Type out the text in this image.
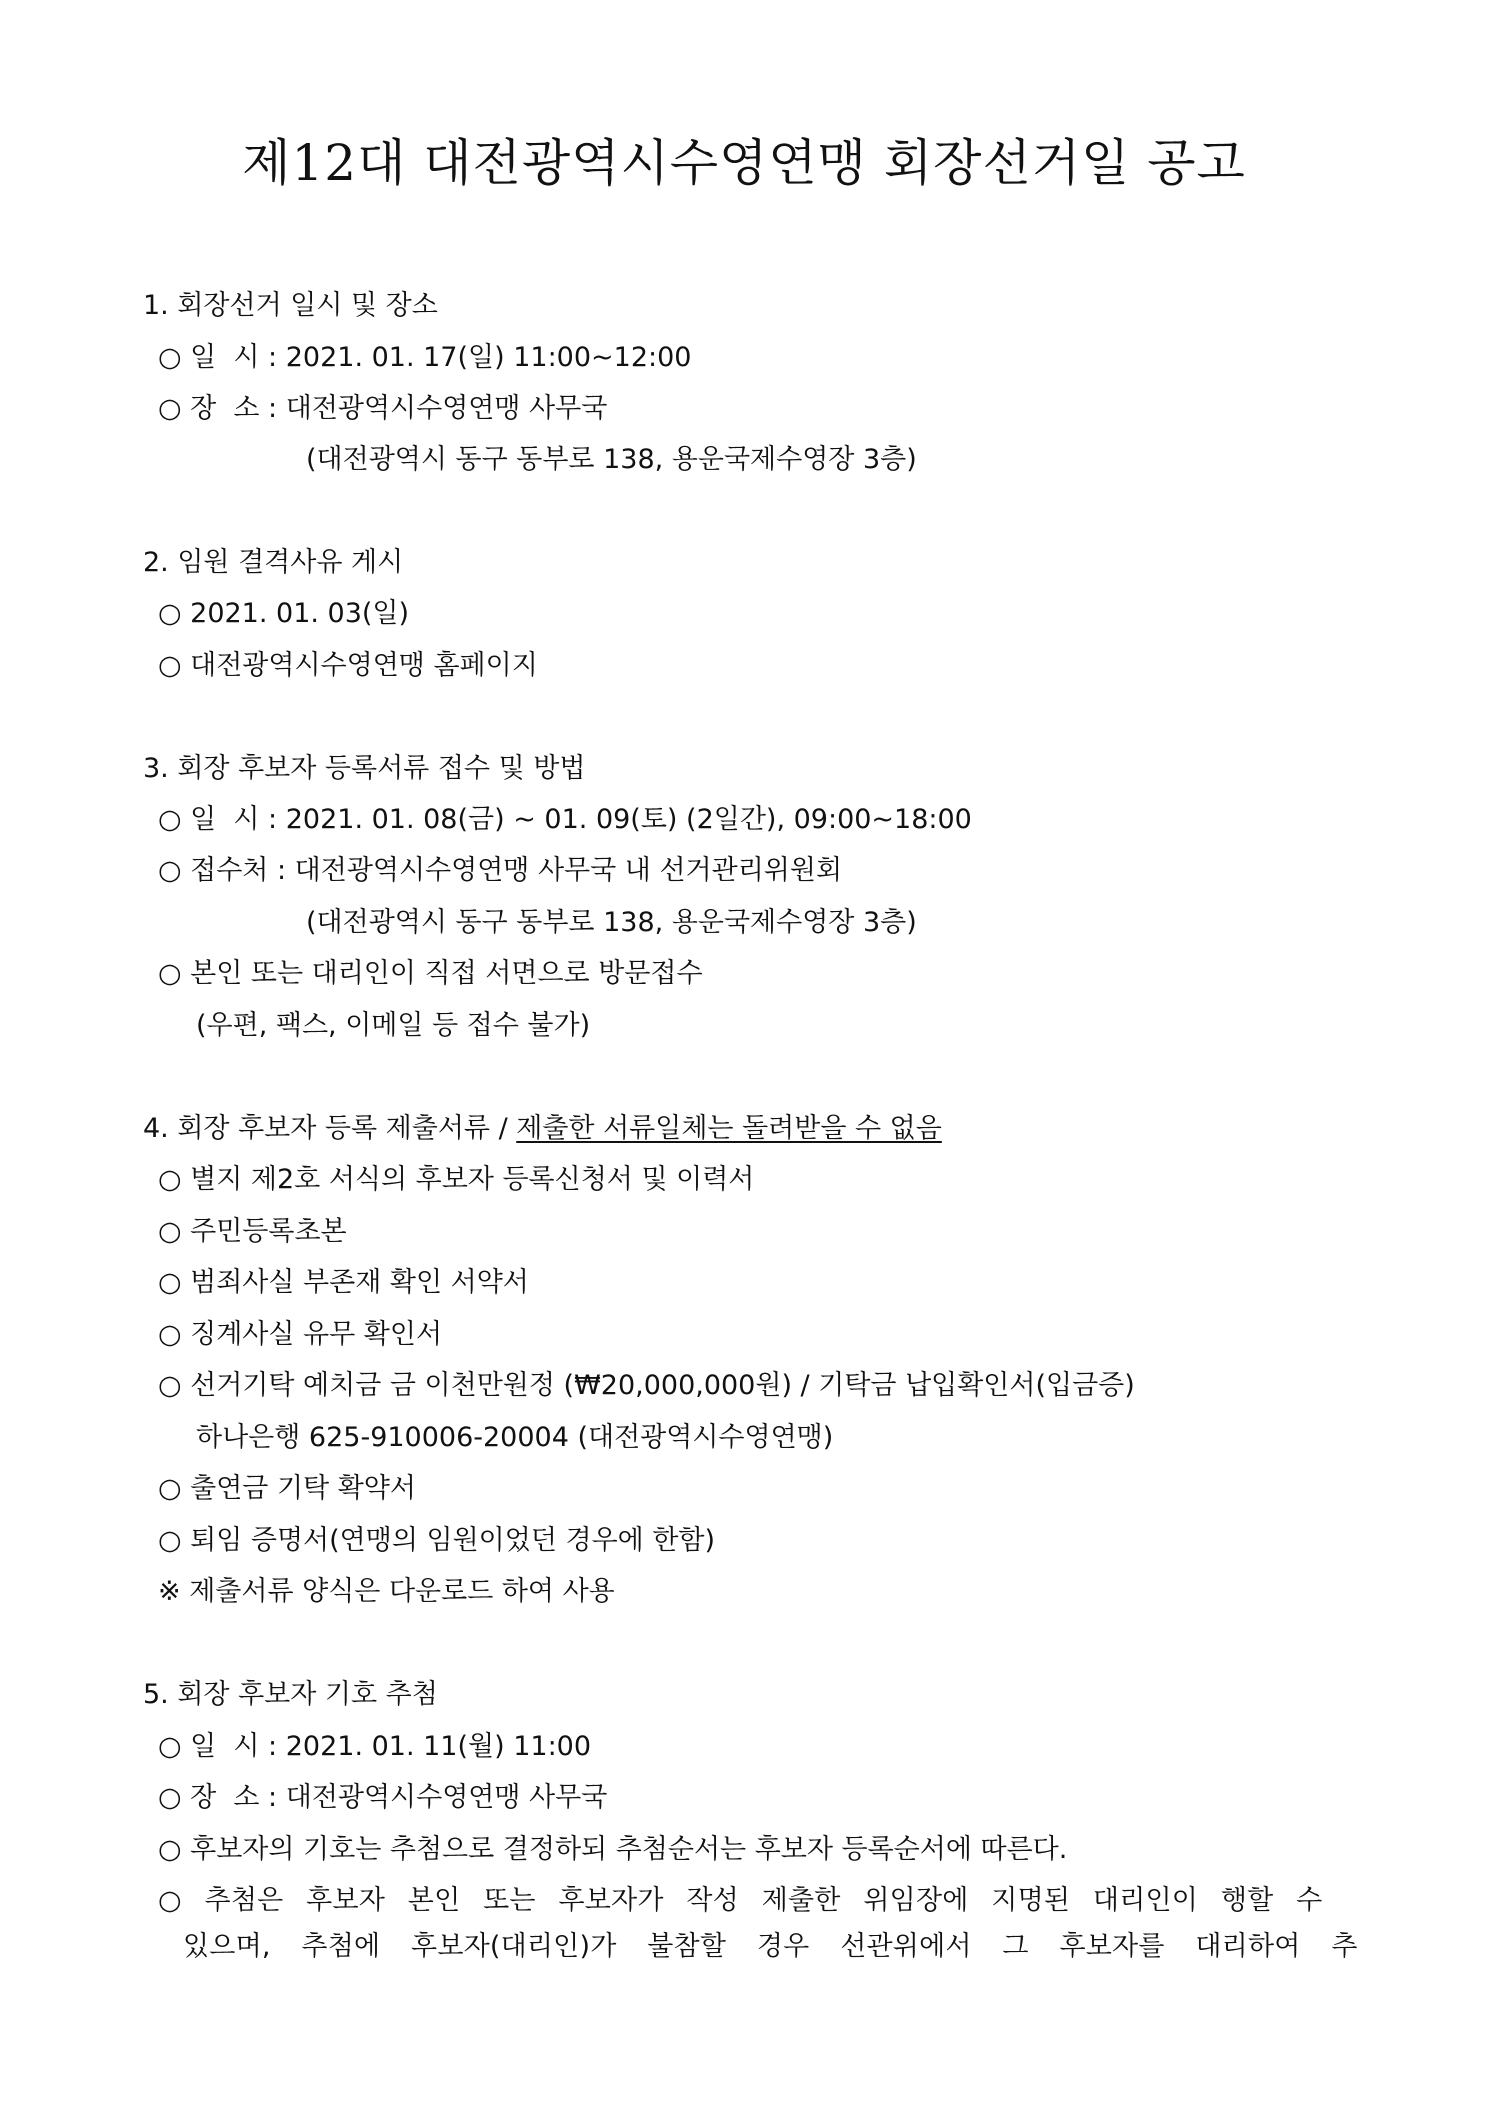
제12대 대전광역시수영연맹 회장선거일 공고
1. 회장선거 일시 및 장소
○ 일  시 : 2021. 01. 17(일) 11:00~12:00
○ 장  소 : 대전광역시수영연맹 사무국
(대전광역시 동구 동부로 138, 용운국제수영장 3층)
2. 임원 결격사유 게시
○ 2021. 01. 03(일)
○ 대전광역시수영연맹 홈페이지
3. 회장 후보자 등록서류 접수 및 방법
○ 일  시 : 2021. 01. 08(금) ~ 01. 09(토) (2일간), 09:00~18:00
○ 접수처 : 대전광역시수영연맹 사무국 내 선거관리위원회
(대전광역시 동구 동부로 138, 용운국제수영장 3층)
○ 본인 또는 대리인이 직접 서면으로 방문접수
(우편, 팩스, 이메일 등 접수 불가)
4. 회장 후보자 등록 제출서류 / 제출한 서류일체는 돌려받을 수 없음
○ 별지 제2호 서식의 후보자 등록신청서 및 이력서
○ 주민등록초본
○ 범죄사실 부존재 확인 서약서
○ 징계사실 유무 확인서
○ 선거기탁 예치금 금 이천만원정 (₩20,000,000원) / 기탁금 납입확인서(입금증)
하나은행 625-910006-20004 (대전광역시수영연맹)
○ 출연금 기탁 확약서
○ 퇴임 증명서(연맹의 임원이었던 경우에 한함)
※ 제출서류 양식은 다운로드 하여 사용
5. 회장 후보자 기호 추첨
○ 일  시 : 2021. 01. 11(월) 11:00
○ 장  소 : 대전광역시수영연맹 사무국
○ 후보자의 기호는 추첨으로 결정하되 추첨순서는 후보자 등록순서에 따른다.
○ 추첨은 후보자 본인 또는 후보자가 작성 제출한 위임장에 지명된 대리인이 행할 수
있으며, 추첨에 후보자(대리인)가 불참할 경우 선관위에서 그 후보자를 대리하여 추
